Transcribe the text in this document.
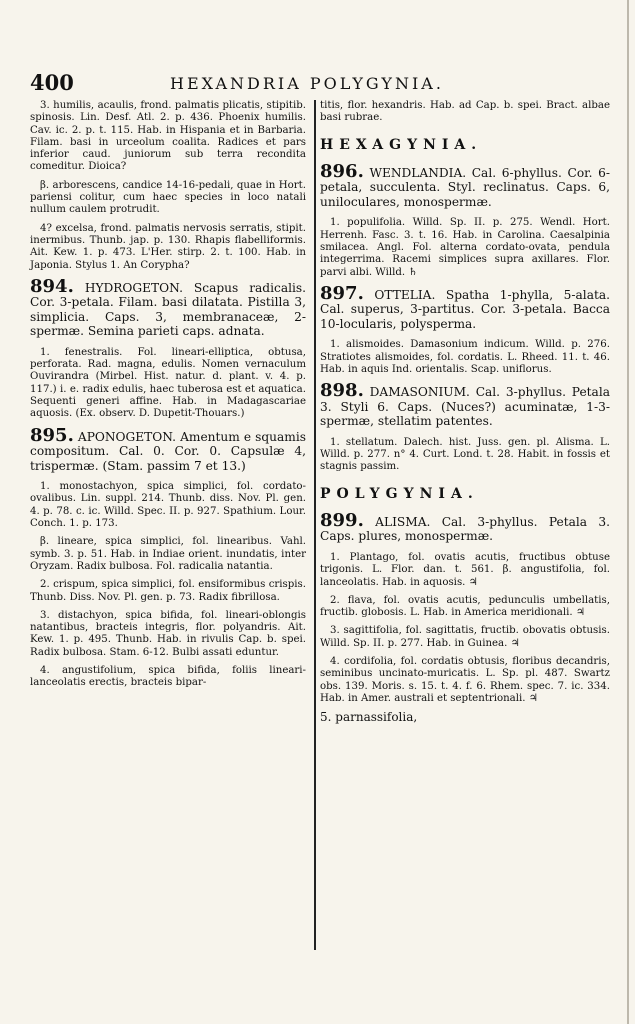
400	HEXANDRIA POLYGYNIA.

3. humilis, acaulis, frond. palmatis plicatis, stipitib. spinosis. Lin. Desf. Atl. 2. p. 436. Phoenix humilis. Cav. ic. 2. p. t. 115. Hab. in Hispania et in Barbaria. Filam. basi in urceolum coalita. Radices et pars inferior caud. juniorum sub terra recondita comeditur. Dioica?

β. arborescens, candice 14-16-pedali, quae in Hort. pariensi colitur, cum haec species in loco natali nullum caulem protrudit.

4? excelsa, frond. palmatis nervosis serratis, stipit. inermibus. Thunb. jap. p. 130. Rhapis flabelliformis. Ait. Kew. 1. p. 473. L'Her. stirp. 2. t. 100. Hab. in Japonia. Stylus 1. An Corypha?

894. HYDROGETON. Scapus radicalis. Cor. 3-petala. Filam. basi dilatata. Pistilla 3, simplicia. Caps. 3, membranaceæ, 2-spermæ. Semina parieti caps. adnata.

1. fenestralis. Fol. lineari-elliptica, obtusa, perforata. Rad. magna, edulis. Nomen vernaculum Ouvirandra (Mirbel. Hist. natur. d. plant. v. 4. p. 117.) i. e. radix edulis, haec tuberosa est et aquatica. Sequenti generi affine. Hab. in Madagascariae aquosis. (Ex. observ. D. Dupetit-Thouars.)

895. APONOGETON. Amentum e squamis compositum. Cal. 0. Cor. 0. Capsulæ 4, trispermæ. (Stam. passim 7 et 13.)

1. monostachyon, spica simplici, fol. cordato-ovalibus. Lin. suppl. 214. Thunb. diss. Nov. Pl. gen. 4. p. 78. c. ic. Willd. Spec. II. p. 927. Spathium. Lour. Conch. 1. p. 173.

β. lineare, spica simplici, fol. linearibus. Vahl. symb. 3. p. 51. Hab. in Indiae orient. inundatis, inter Oryzam. Radix bulbosa. Fol. radicalia natantia.

2. crispum, spica simplici, fol. ensiformibus crispis. Thunb. Diss. Nov. Pl. gen. p. 73. Radix fibrillosa.

3. distachyon, spica bifida, fol. lineari-oblongis natantibus, bracteis integris, flor. polyandris. Ait. Kew. 1. p. 495. Thunb. Hab. in rivulis Cap. b. spei. Radix bulbosa. Stam. 6-12. Bulbi assati eduntur.

4. angustifolium, spica bifida, foliis lineari-lanceolatis erectis, bracteis bipar-

titis, flor. hexandris. Hab. ad Cap. b. spei. Bract. albae basi rubrae.

HEXAGYNIA.

896. WENDLANDIA. Cal. 6-phyllus. Cor. 6-petala, succulenta. Styl. reclinatus. Caps. 6, uniloculares, monospermæ.

1. populifolia. Willd. Sp. II. p. 275. Wendl. Hort. Herrenh. Fasc. 3. t. 16. Hab. in Carolina. Caesalpinia smilacea. Angl. Fol. alterna cordato-ovata, pendula integerrima. Racemi simplices supra axillares. Flor. parvi albi. Willd. ♄

897. OTTELIA. Spatha 1-phylla, 5-alata. Cal. superus, 3-partitus. Cor. 3-petala. Bacca 10-locularis, polysperma.

1. alismoides. Damasonium indicum. Willd. p. 276. Stratiotes alismoides, fol. cordatis. L. Rheed. 11. t. 46. Hab. in aquis Ind. orientalis. Scap. uniflorus.

898. DAMASONIUM. Cal. 3-phyllus. Petala 3. Styli 6. Caps. (Nuces?) acuminatæ, 1-3-spermæ, stellatim patentes.

1. stellatum. Dalech. hist. Juss. gen. pl. Alisma. L. Willd. p. 277. n° 4. Curt. Lond. t. 28. Habit. in fossis et stagnis passim.

POLYGYNIA.

899. ALISMA. Cal. 3-phyllus. Petala 3. Caps. plures, monospermæ.

1. Plantago, fol. ovatis acutis, fructibus obtuse trigonis. L. Flor. dan. t. 561. β. angustifolia, fol. lanceolatis. Hab. in aquosis. ♃

2. flava, fol. ovatis acutis, pedunculis umbellatis, fructib. globosis. L. Hab. in America meridionali. ♃

3. sagittifolia, fol. sagittatis, fructib. obovatis obtusis. Willd. Sp. II. p. 277. Hab. in Guinea. ♃

4. cordifolia, fol. cordatis obtusis, floribus decandris, seminibus uncinato-muricatis. L. Sp. pl. 487. Swartz obs. 139. Moris. s. 15. t. 4. f. 6. Rhem. spec. 7. ic. 334. Hab. in Amer. australi et septentrionali. ♃

5. parnassifolia,
